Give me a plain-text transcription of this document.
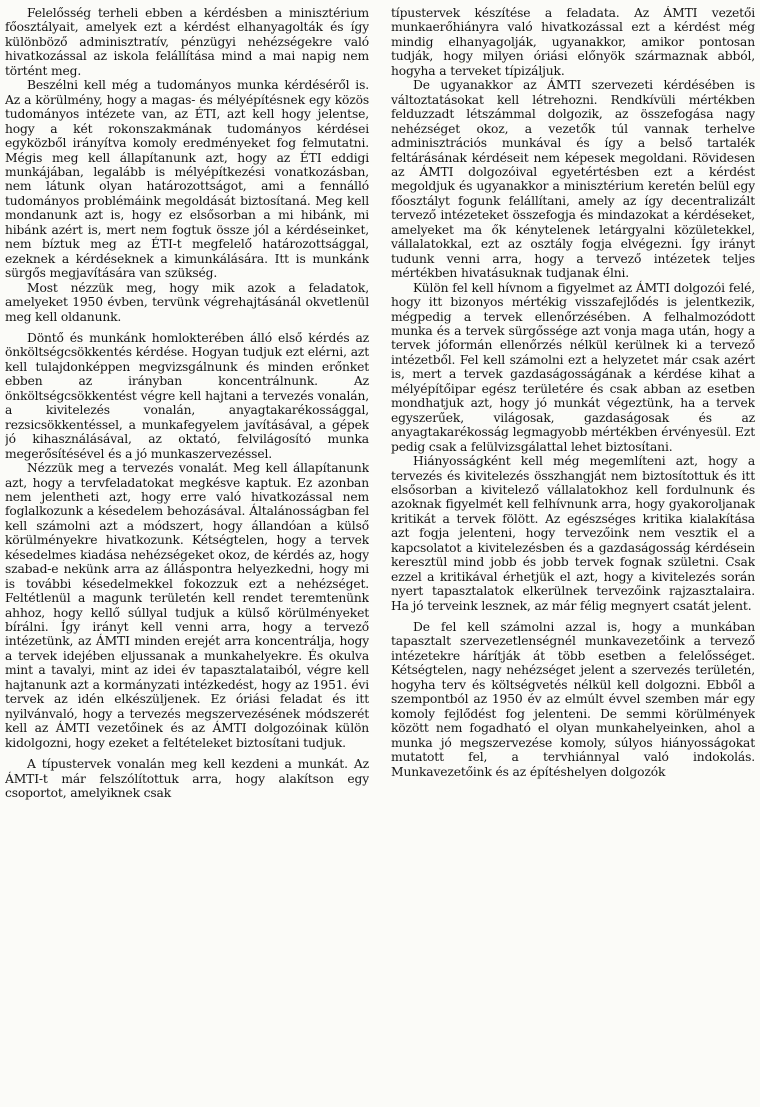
Felelősség terheli ebben a kérdésben a minisztérium főosztályait, amelyek ezt a kérdést elhanyagolták és így különböző adminisztratív, pénzügyi nehézségekre való hivatkozással az iskola felállítása mind a mai napig nem történt meg.

Beszélni kell még a tudományos munka kérdéséről is. Az a körülmény, hogy a magas- és mélyépítésnek egy közös tudományos intézete van, az ÉTI, azt kell hogy jelentse, hogy a két rokonszakmának tudományos kérdései egyközből irányítva komoly eredményeket fog felmutatni. Mégis meg kell állapítanunk azt, hogy az ÉTI eddigi munkájában, legalább is mélyépítkezési vonatkozásban, nem látunk olyan határozottságot, ami a fennálló tudományos problémáink megoldását biztosítaná. Meg kell mondanunk azt is, hogy ez elsősorban a mi hibánk, mi hibánk azért is, mert nem fogtuk össze jól a kérdéseinket, nem bíztuk meg az ÉTI-t megfelelő határozottsággal, ezeknek a kérdéseknek a kimunkálására. Itt is munkánk sürgős megjavítására van szükség.

Most nézzük meg, hogy mik azok a feladatok, amelyeket 1950 évben, tervünk végrehajtásánál okvetlenül meg kell oldanunk.

Döntő és munkánk homlokterében álló első kérdés az önköltségcsökkentés kérdése. Hogyan tudjuk ezt elérni, azt kell tulajdonképpen megvizsgálnunk és minden erőnket ebben az irányban koncentrálnunk. Az önköltségcsökkentést végre kell hajtani a tervezés vonalán, a kivitelezés vonalán, anyagtakarékossággal, rezsicsökkentéssel, a munkafegyelem javításával, a gépek jó kihasználásával, az oktató, felvilágosító munka megerősítésével és a jó munkaszervezéssel.

Nézzük meg a tervezés vonalát. Meg kell állapítanunk azt, hogy a tervfeladatokat megkésve kaptuk. Ez azonban nem jelentheti azt, hogy erre való hivatkozással nem foglalkozunk a késedelem behozásával. Általánosságban fel kell számolni azt a módszert, hogy állandóan a külső körülményekre hivatkozunk. Kétségtelen, hogy a tervek késedelmes kiadása nehézségeket okoz, de kérdés az, hogy szabad-e nekünk arra az álláspontra helyezkedni, hogy mi is további késedelmekkel fokozzuk ezt a nehézséget. Feltétlenül a magunk területén kell rendet teremtenünk ahhoz, hogy kellő súllyal tudjuk a külső körülményeket bírálni. Így irányt kell venni arra, hogy a tervező intézetünk, az ÁMTI minden erejét arra koncentrálja, hogy a tervek idejében eljussanak a munkahelyekre. És okulva mint a tavalyi, mint az idei év tapasztalataiból, végre kell hajtanunk azt a kormányzati intézkedést, hogy az 1951. évi tervek az idén elkészüljenek. Ez óriási feladat és itt nyilvánvaló, hogy a tervezés megszervezésének módszerét kell az ÁMTI vezetőinek és az ÁMTI dolgozóinak külön kidolgozni, hogy ezeket a feltételeket biztosítani tudjuk.

A típustervek vonalán meg kell kezdeni a munkát. Az ÁMTI-t már felszólítottuk arra, hogy alakítson egy csoportot, amelyiknek csak

típustervek készítése a feladata. Az ÁMTI vezetői munkaerőhiányra való hivatkozással ezt a kérdést még mindig elhanyagolják, ugyanakkor, amikor pontosan tudják, hogy milyen óriási előnyök származnak abból, hogyha a terveket típizáljuk.

De ugyanakkor az ÁMTI szervezeti kérdésében is változtatásokat kell létrehozni. Rendkívüli mértékben felduzzadt létszámmal dolgozik, az összefogása nagy nehézséget okoz, a vezetők túl vannak terhelve adminisztrációs munkával és így a belső tartalék feltárásának kérdéseit nem képesek megoldani. Rövidesen az ÁMTI dolgozóival egyetértésben ezt a kérdést megoldjuk és ugyanakkor a minisztérium keretén belül egy főosztályt fogunk felállítani, amely az így decentralizált tervező intézeteket összefogja és mindazokat a kérdéseket, amelyeket ma ők kénytelenek letárgyalni közületekkel, vállalatokkal, ezt az osztály fogja elvégezni. Így irányt tudunk venni arra, hogy a tervező intézetek teljes mértékben hivatásuknak tudjanak élni.

Külön fel kell hívnom a figyelmet az ÁMTI dolgozói felé, hogy itt bizonyos mértékig visszafejlődés is jelentkezik, mégpedig a tervek ellenőrzésében. A felhalmozódott munka és a tervek sürgőssége azt vonja maga után, hogy a tervek jóformán ellenőrzés nélkül kerülnek ki a tervező intézetből. Fel kell számolni ezt a helyzetet már csak azért is, mert a tervek gazdaságosságának a kérdése kihat a mélyépítőipar egész területére és csak abban az esetben mondhatjuk azt, hogy jó munkát végeztünk, ha a tervek egyszerűek, világosak, gazdaságosak és az anyagtakarékosság legmagyobb mértékben érvényesül. Ezt pedig csak a felülvizsgálattal lehet biztosítani.

Hiányosságként kell még megemlíteni azt, hogy a tervezés és kivitelezés összhangját nem biztosítottuk és itt elsősorban a kivitelező vállalatokhoz kell fordulnunk és azoknak figyelmét kell felhívnunk arra, hogy gyakoroljanak kritikát a tervek fölött. Az egészséges kritika kialakítása azt fogja jelenteni, hogy tervezőink nem vesztik el a kapcsolatot a kivitelezésben és a gazdaságosság kérdésein keresztül mind jobb és jobb tervek fognak születni. Csak ezzel a kritikával érhetjük el azt, hogy a kivitelezés során nyert tapasztalatok elkerülnek tervezőink rajzasztalaira. Ha jó terveink lesznek, az már félig megnyert csatát jelent.

De fel kell számolni azzal is, hogy a munkában tapasztalt szervezetlenségnél munkavezetőink a tervező intézetekre hárítják át több esetben a felelősséget. Kétségtelen, nagy nehézséget jelent a szervezés területén, hogyha terv és költségvetés nélkül kell dolgozni. Ebből a szempontból az 1950 év az elmúlt évvel szemben már egy komoly fejlődést fog jelenteni. De semmi körülmények között nem fogadható el olyan munkahelyeinken, ahol a munka jó megszervezése komoly, súlyos hiányosságokat mutatott fel, a tervhiánnyal való indokolás. Munkavezetőink és az építéshelyen dolgozók
